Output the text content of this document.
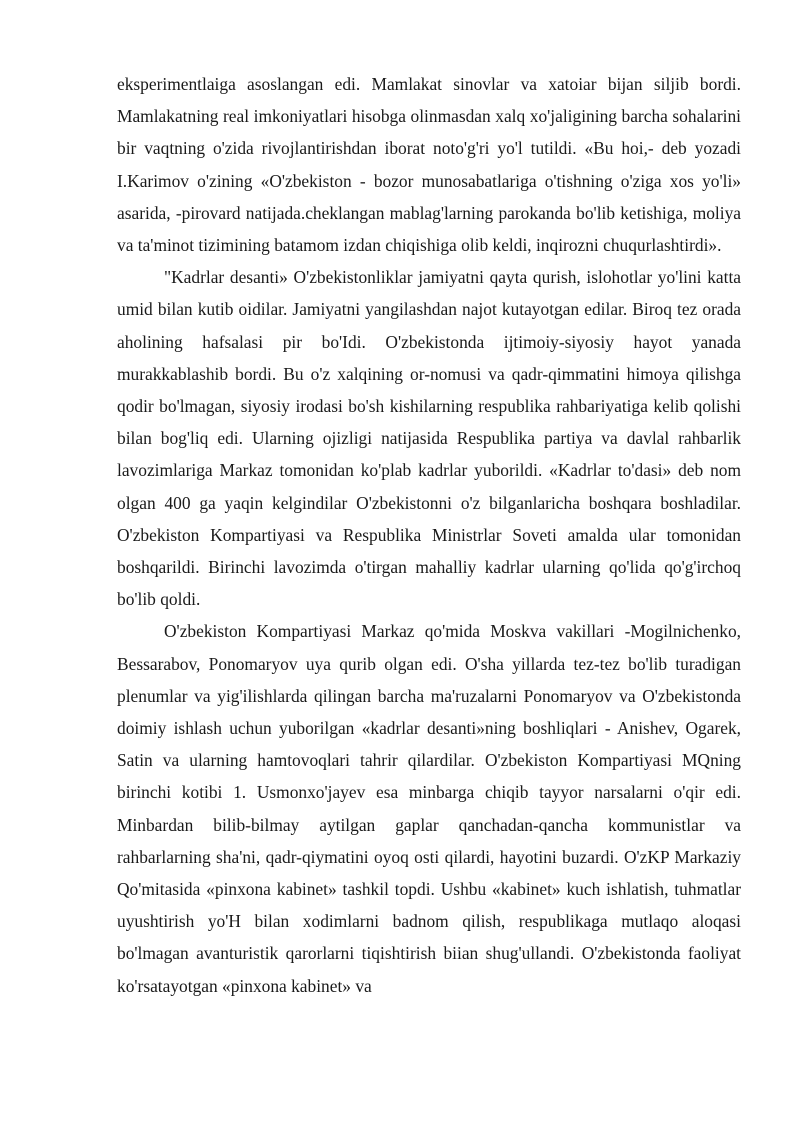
eksperimentlaiga asoslangan edi. Mamlakat sinovlar va xatoiar bijan siljib bordi. Mamlakatning real imkoniyatlari hisobga olinmasdan xalq xo'jaligining barcha sohalarini bir vaqtning o'zida rivojlantirishdan iborat noto'g'ri yo'l tutildi. «Bu hoi,- deb yozadi I.Karimov o'zining «O'zbekiston - bozor munosabatlariga o'tishning o'ziga xos yo'li» asarida, -pirovard natijada.cheklangan mablag'larning parokanda bo'lib ketishiga, moliya va ta'minot tizimining batamom izdan chiqishiga olib keldi, inqirozni chuqurlashtirdi».

"Kadrlar desanti» O'zbekistonliklar jamiyatni qayta qurish, islohotlar yo'lini katta umid bilan kutib oidilar. Jamiyatni yangilashdan najot kutayotgan edilar. Biroq tez orada aholining hafsalasi pir bo'Idi. O'zbekistonda ijtimoiy-siyosiy hayot yanada murakkablashib bordi. Bu o'z xalqining or-nomusi va qadr-qimmatini himoya qilishga qodir bo'lmagan, siyosiy irodasi bo'sh kishilarning respublika rahbariyatiga kelib qolishi bilan bog'liq edi. Ularning ojizligi natijasida Respublika partiya va davlal rahbarlik lavozimlariga Markaz tomonidan ko'plab kadrlar yuborildi. «Kadrlar to'dasi» deb nom olgan 400 ga yaqin kelgindilar O'zbekistonni o'z bilganlaricha boshqara boshladilar. O'zbekiston Kompartiyasi va Respublika Ministrlar Soveti amalda ular tomonidan boshqarildi. Birinchi lavozimda o'tirgan mahalliy kadrlar ularning qo'lida qo'g'irchoq bo'lib qoldi.

O'zbekiston Kompartiyasi Markaz qo'mida Moskva vakillari -Mogilnichenko, Bessarabov, Ponomaryov uya qurib olgan edi. O'sha yillarda tez-tez bo'lib turadigan plenumlar va yig'ilishlarda qilingan barcha ma'ruzalarni Ponomaryov va O'zbekistonda doimiy ishlash uchun yuborilgan «kadrlar desanti»ning boshliqlari - Anishev, Ogarek, Satin va ularning hamtovoqlari tahrir qilardilar. O'zbekiston Kompartiyasi MQning birinchi kotibi 1. Usmonxo'jayev esa minbarga chiqib tayyor narsalarni o'qir edi. Minbardan bilib-bilmay aytilgan gaplar qanchadan-qancha kommunistlar va rahbarlarning sha'ni, qadr-qiymatini oyoq osti qilardi, hayotini buzardi. O'zKP Markaziy Qo'mitasida «pinxona kabinet» tashkil topdi. Ushbu «kabinet» kuch ishlatish, tuhmatlar uyushtirish yo'H bilan xodimlarni badnom qilish, respublikaga mutlaqo aloqasi bo'lmagan avanturistik qarorlarni tiqishtirish biian shug'ullandi. O'zbekistonda faoliyat ko'rsatayotgan «pinxona kabinet» va
